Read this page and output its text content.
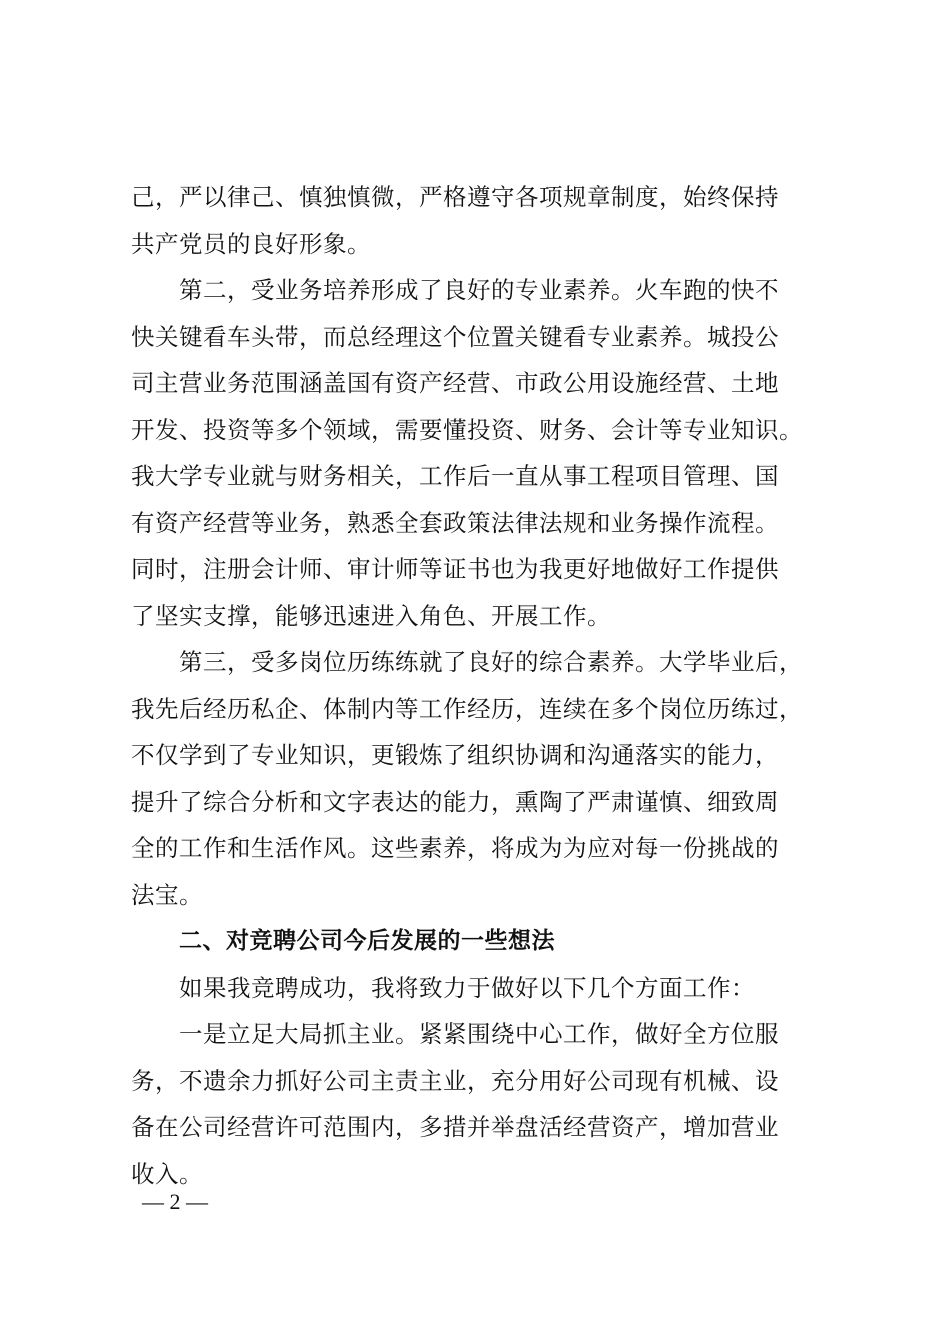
己，严以律己、慎独慎微，严格遵守各项规章制度，始终保持
共产党员的良好形象。
第二，受业务培养形成了良好的专业素养。火车跑的快不
快关键看车头带，而总经理这个位置关键看专业素养。城投公
司主营业务范围涵盖国有资产经营、市政公用设施经营、土地
开发、投资等多个领域，需要懂投资、财务、会计等专业知识。
我大学专业就与财务相关，工作后一直从事工程项目管理、国
有资产经营等业务，熟悉全套政策法律法规和业务操作流程。
同时，注册会计师、审计师等证书也为我更好地做好工作提供
了坚实支撑，能够迅速进入角色、开展工作。
第三，受多岗位历练练就了良好的综合素养。大学毕业后，
我先后经历私企、体制内等工作经历，连续在多个岗位历练过，
不仅学到了专业知识，更锻炼了组织协调和沟通落实的能力，
提升了综合分析和文字表达的能力，熏陶了严肃谨慎、细致周
全的工作和生活作风。这些素养，将成为为应对每一份挑战的
法宝。
二、对竞聘公司今后发展的一些想法
如果我竞聘成功，我将致力于做好以下几个方面工作：
一是立足大局抓主业。紧紧围绕中心工作，做好全方位服
务，不遗余力抓好公司主责主业，充分用好公司现有机械、设
备在公司经营许可范围内，多措并举盘活经营资产，增加营业
收入。
— 2 —
